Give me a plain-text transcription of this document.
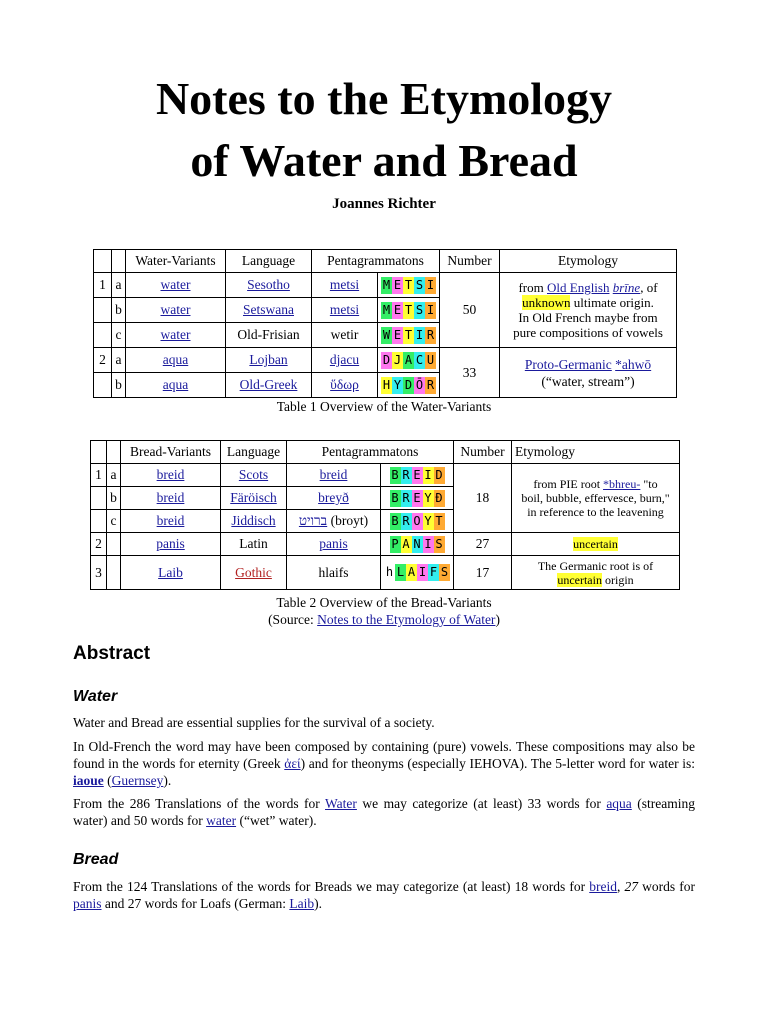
Notes to the Etymology
of Water and Bread
Joannes Richter
		Water-Variants	Language	Pentagrammatons		Number	Etymology
1	a	water	Sesotho	metsi	M E T S I	50	from Old English brīne, of
unknown ultimate origin.
In Old French maybe from
pure compositions of vowels
	b	water	Setswana	metsi	M E T S I		
	c	water	Old-Frisian	wetir	W E T I R		
2	a	aqua	Lojban	djacu	D J A C U	33	Proto-Germanic *ahwō
(“water, stream”)
	b	aqua	Old-Greek	ὕδωρ	H Y D Ō R		
Table 1 Overview of the Water-Variants
		Bread-Variants	Language	Pentagrammatons		Number	Etymology
1	a	breid	Scots	breid	B R E I D	18	from PIE root *bhreu- "to
boil, bubble, effervesce, burn,"
in reference to the leavening
	b	breid	Färöisch	breyð	B R E Y Ð		
	c	breid	Jiddisch	ברויט (broyt)	B R O Y T		
2		panis	Latin	panis	P A N I S	27	uncertain
3		Laib	Gothic	hlaifs	h L A I F S	17	The Germanic root is of
uncertain origin
Table 2 Overview of the Bread-Variants
(Source: Notes to the Etymology of Water)
Abstract
Water
Water and Bread are essential supplies for the survival of a society.
In Old-French the word may have been composed by containing (pure) vowels. These compositions may also be found in the words for eternity (Greek ἀεί) and for theonyms (especially IEHOVA). The 5-letter word for water is: iaoue (Guernsey).
From the 286 Translations of the words for Water we may categorize (at least) 33 words for aqua (streaming water) and 50 words for water (“wet” water).
Bread
From the 124 Translations of the words for Breads we may categorize (at least) 18 words for breid, 27 words for panis and 27 words for Loafs (German: Laib).
